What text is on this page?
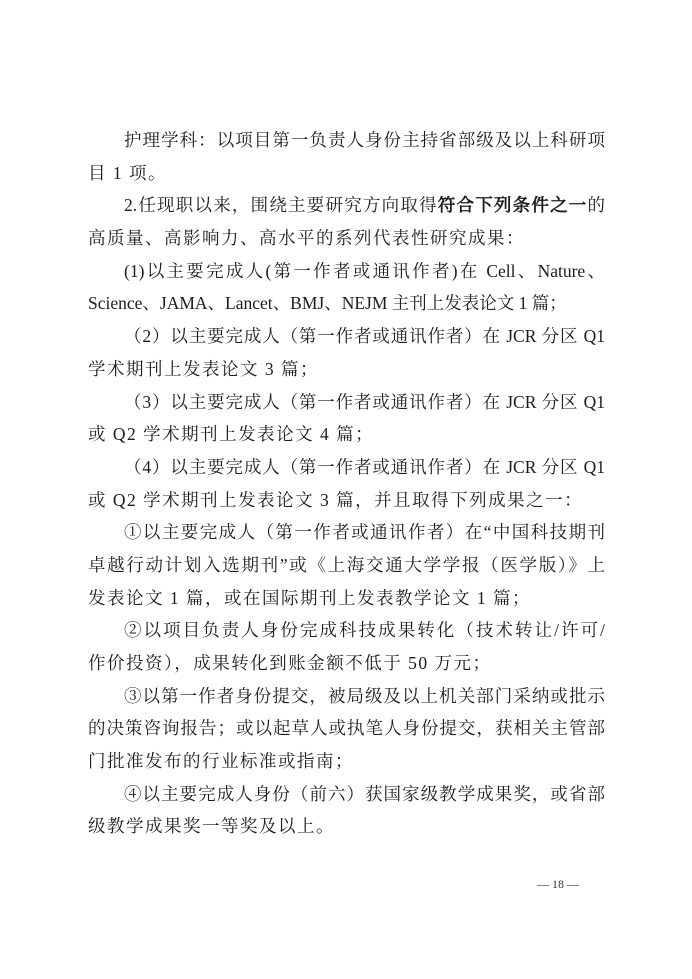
护理学科：以项目第一负责人身份主持省部级及以上科研项
目 1 项。
2.任现职以来，围绕主要研究方向取得符合下列条件之一的
高质量、高影响力、高水平的系列代表性研究成果：
(1)以主要完成人(第一作者或通讯作者)在 Cell、Nature、
Science、JAMA、Lancet、BMJ、NEJM 主刊上发表论文 1 篇；
（2）以主要完成人（第一作者或通讯作者）在 JCR 分区 Q1
学术期刊上发表论文 3 篇；
（3）以主要完成人（第一作者或通讯作者）在 JCR 分区 Q1
或 Q2 学术期刊上发表论文 4 篇；
（4）以主要完成人（第一作者或通讯作者）在 JCR 分区 Q1
或 Q2 学术期刊上发表论文 3 篇，并且取得下列成果之一：
①以主要完成人（第一作者或通讯作者）在“中国科技期刊
卓越行动计划入选期刊”或《上海交通大学学报（医学版）》上
发表论文 1 篇，或在国际期刊上发表教学论文 1 篇；
②以项目负责人身份完成科技成果转化（技术转让/许可/
作价投资），成果转化到账金额不低于 50 万元；
③以第一作者身份提交，被局级及以上机关部门采纳或批示
的决策咨询报告；或以起草人或执笔人身份提交，获相关主管部
门批准发布的行业标准或指南；
④以主要完成人身份（前六）获国家级教学成果奖，或省部
级教学成果奖一等奖及以上。
— 18 —
